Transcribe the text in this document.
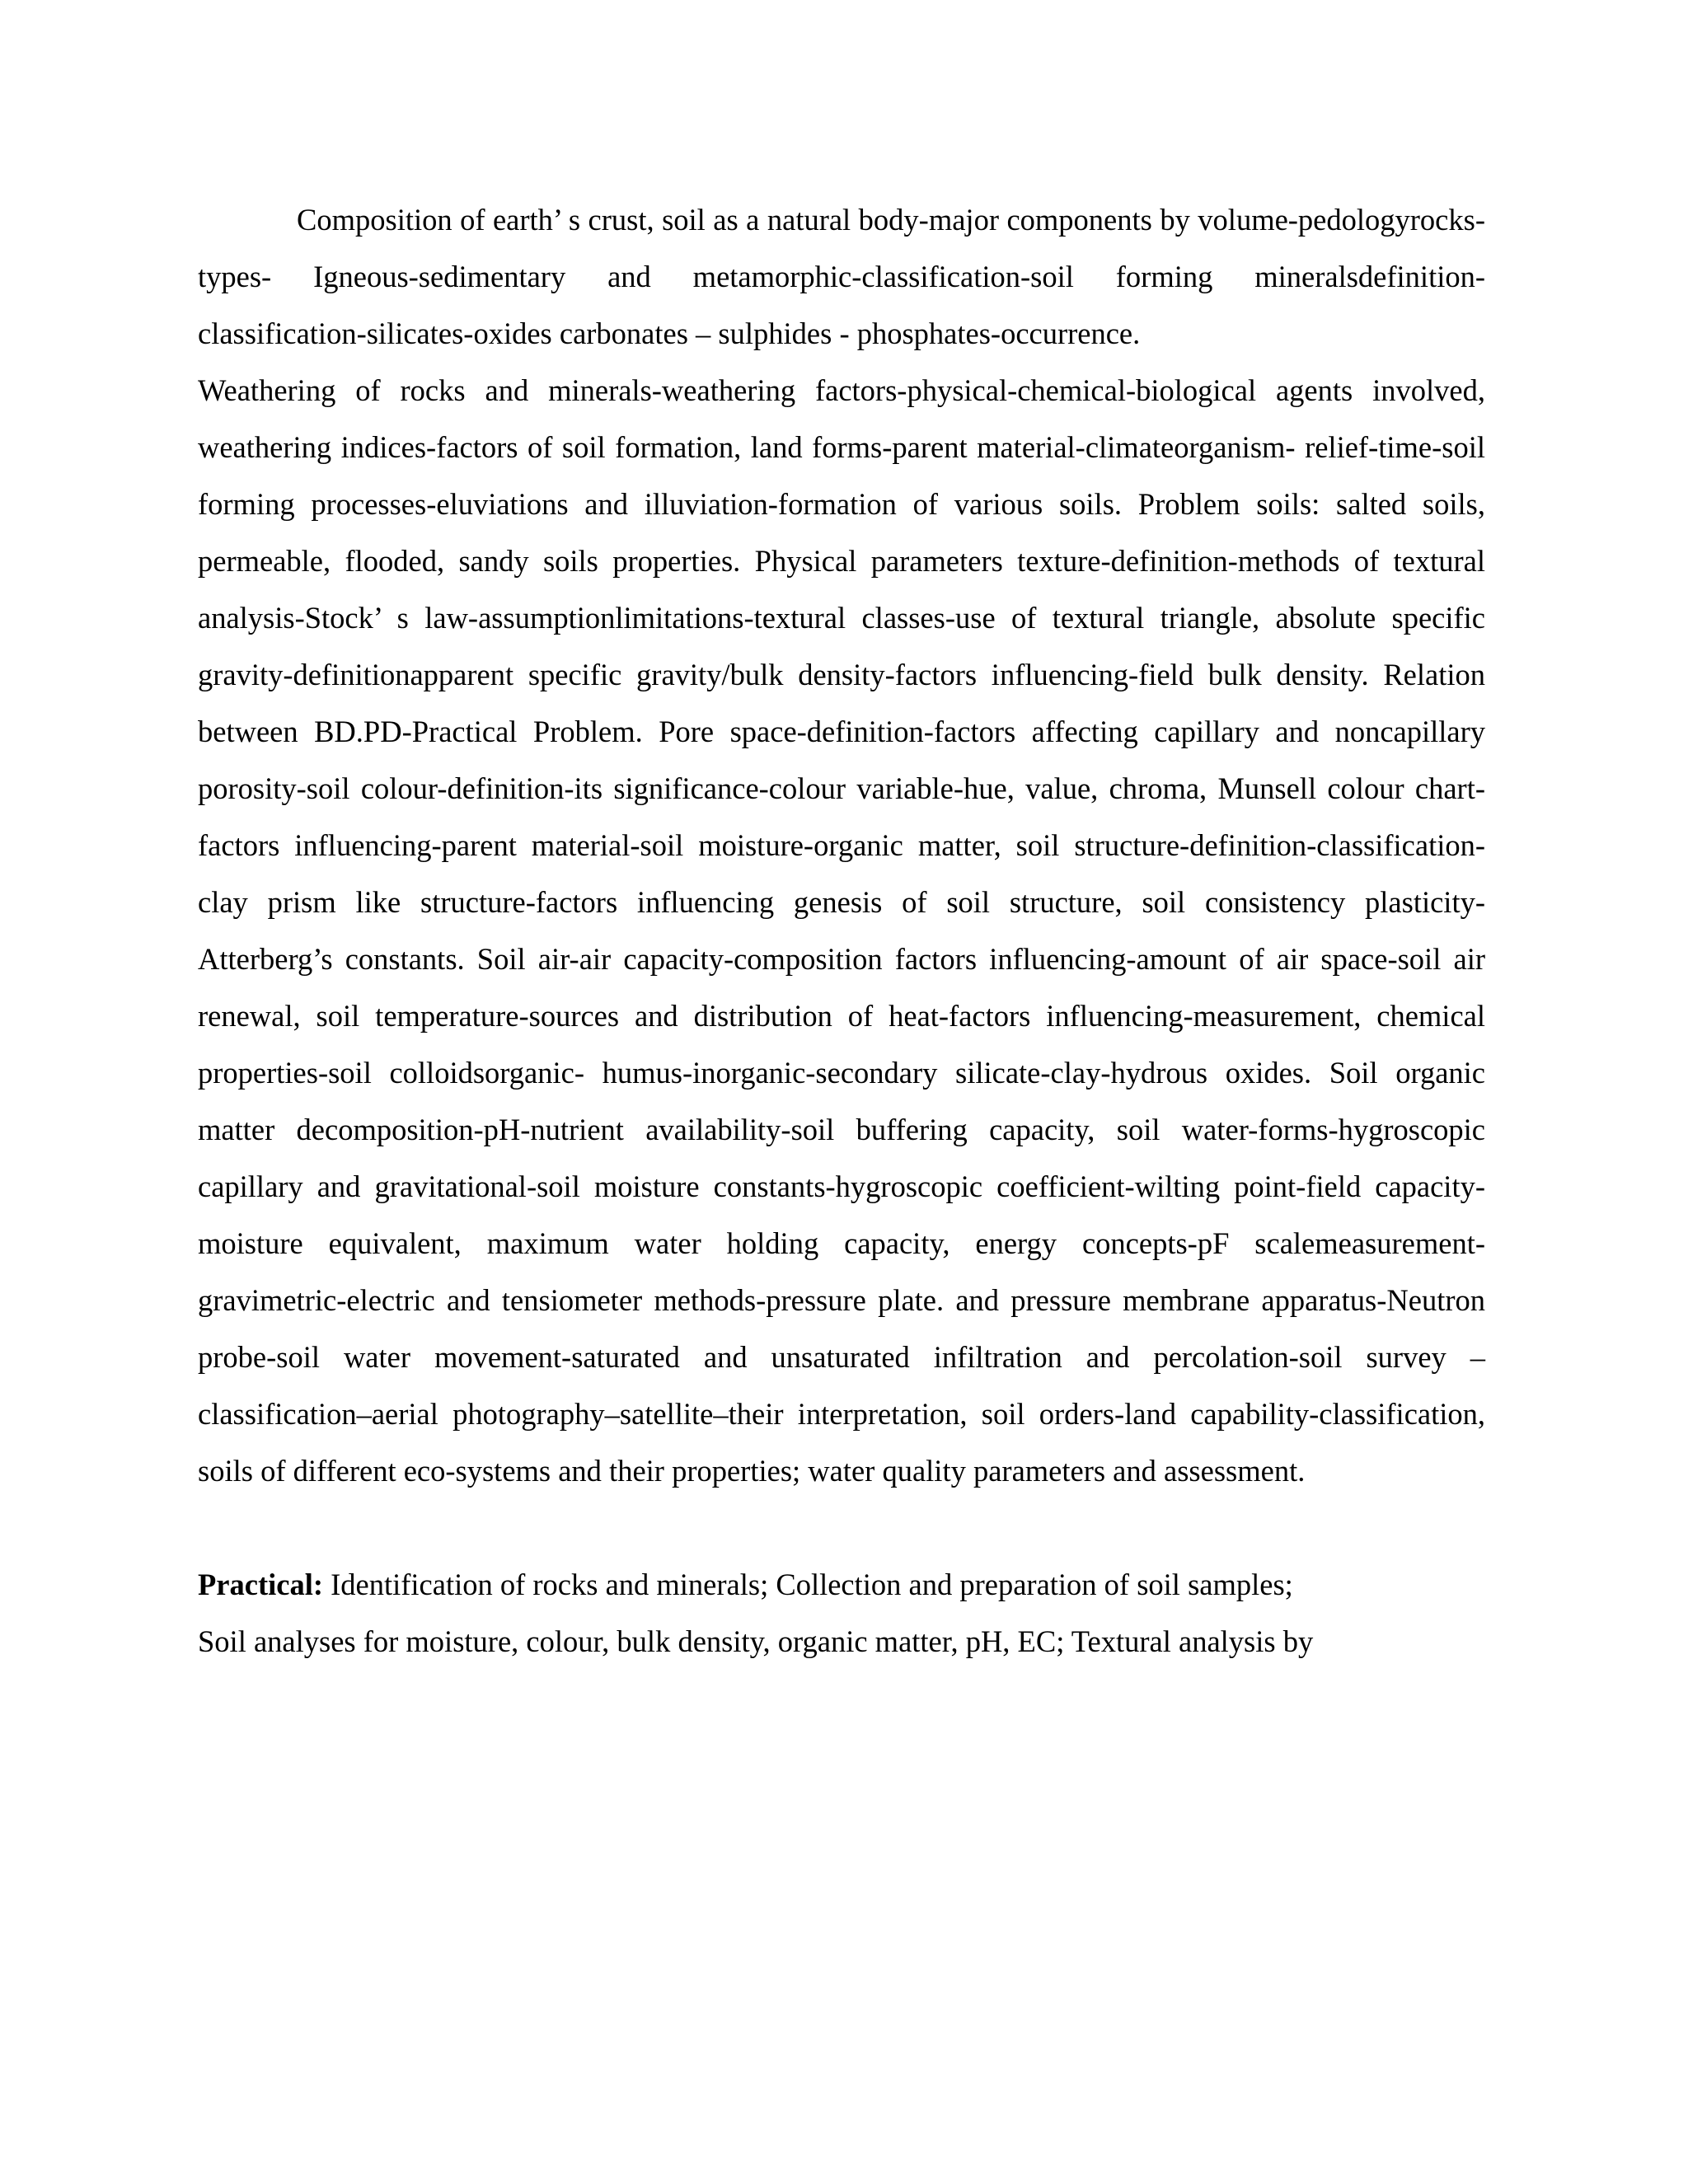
Composition of earth’ s crust, soil as a natural body-major components by volume-pedologyrocks- types- Igneous-sedimentary and metamorphic-classification-soil forming mineralsdefinition- classification-silicates-oxides carbonates – sulphides - phosphates-occurrence.

Weathering of rocks and minerals-weathering factors-physical-chemical-biological agents involved, weathering indices-factors of soil formation, land forms-parent material-climateorganism- relief-time-soil forming processes-eluviations and illuviation-formation of various soils. Problem soils: salted soils, permeable, flooded, sandy soils properties. Physical parameters texture-definition-methods of textural analysis-Stock’ s law-assumptionlimitations-textural classes-use of textural triangle, absolute specific gravity-definitionapparent specific gravity/bulk density-factors influencing-field bulk density. Relation between BD.PD-Practical Problem. Pore space-definition-factors affecting capillary and noncapillary porosity-soil colour-definition-its significance-colour variable-hue, value, chroma, Munsell colour chart-factors influencing-parent material-soil moisture-organic matter, soil structure-definition-classification-clay prism like structure-factors influencing genesis of soil structure, soil consistency plasticity-Atterberg’s constants. Soil air-air capacity-composition factors influencing-amount of air space-soil air renewal, soil temperature-sources and distribution of heat-factors influencing-measurement, chemical properties-soil colloidsorganic- humus-inorganic-secondary silicate-clay-hydrous oxides. Soil organic matter decomposition-pH-nutrient availability-soil buffering capacity, soil water-forms-hygroscopic capillary and gravitational-soil moisture constants-hygroscopic coefficient-wilting point-field capacity-moisture equivalent, maximum water holding capacity, energy concepts-pF scalemeasurement- gravimetric-electric and tensiometer methods-pressure plate. and pressure membrane apparatus-Neutron probe-soil water movement-saturated and unsaturated infiltration and percolation-soil survey – classification–aerial photography–satellite–their interpretation, soil orders-land capability-classification, soils of different eco-systems and their properties; water quality parameters and assessment.

Practical: Identification of rocks and minerals; Collection and preparation of soil samples;
Soil analyses for moisture, colour, bulk density, organic matter, pH, EC; Textural analysis by
